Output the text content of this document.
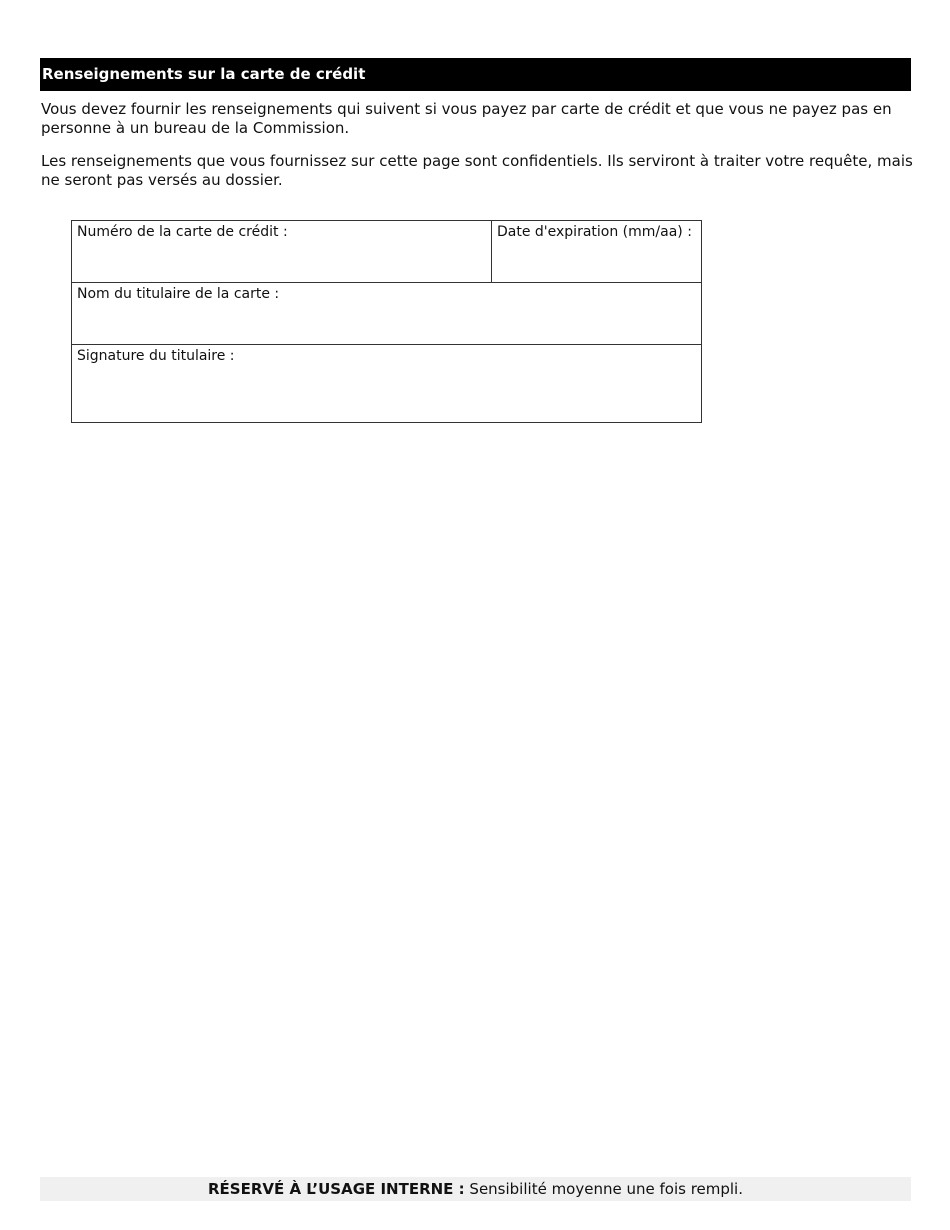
Renseignements sur la carte de crédit

Vous devez fournir les renseignements qui suivent si vous payez par carte de crédit et que vous ne payez pas en personne à un bureau de la Commission.

Les renseignements que vous fournissez sur cette page sont confidentiels. Ils serviront à traiter votre requête, mais ne seront pas versés au dossier.

Numéro de la carte de crédit :	Date d'expiration (mm/aa) :

Nom du titulaire de la carte :

Signature du titulaire :
RÉSERVÉ À L’USAGE INTERNE : Sensibilité moyenne une fois rempli.
